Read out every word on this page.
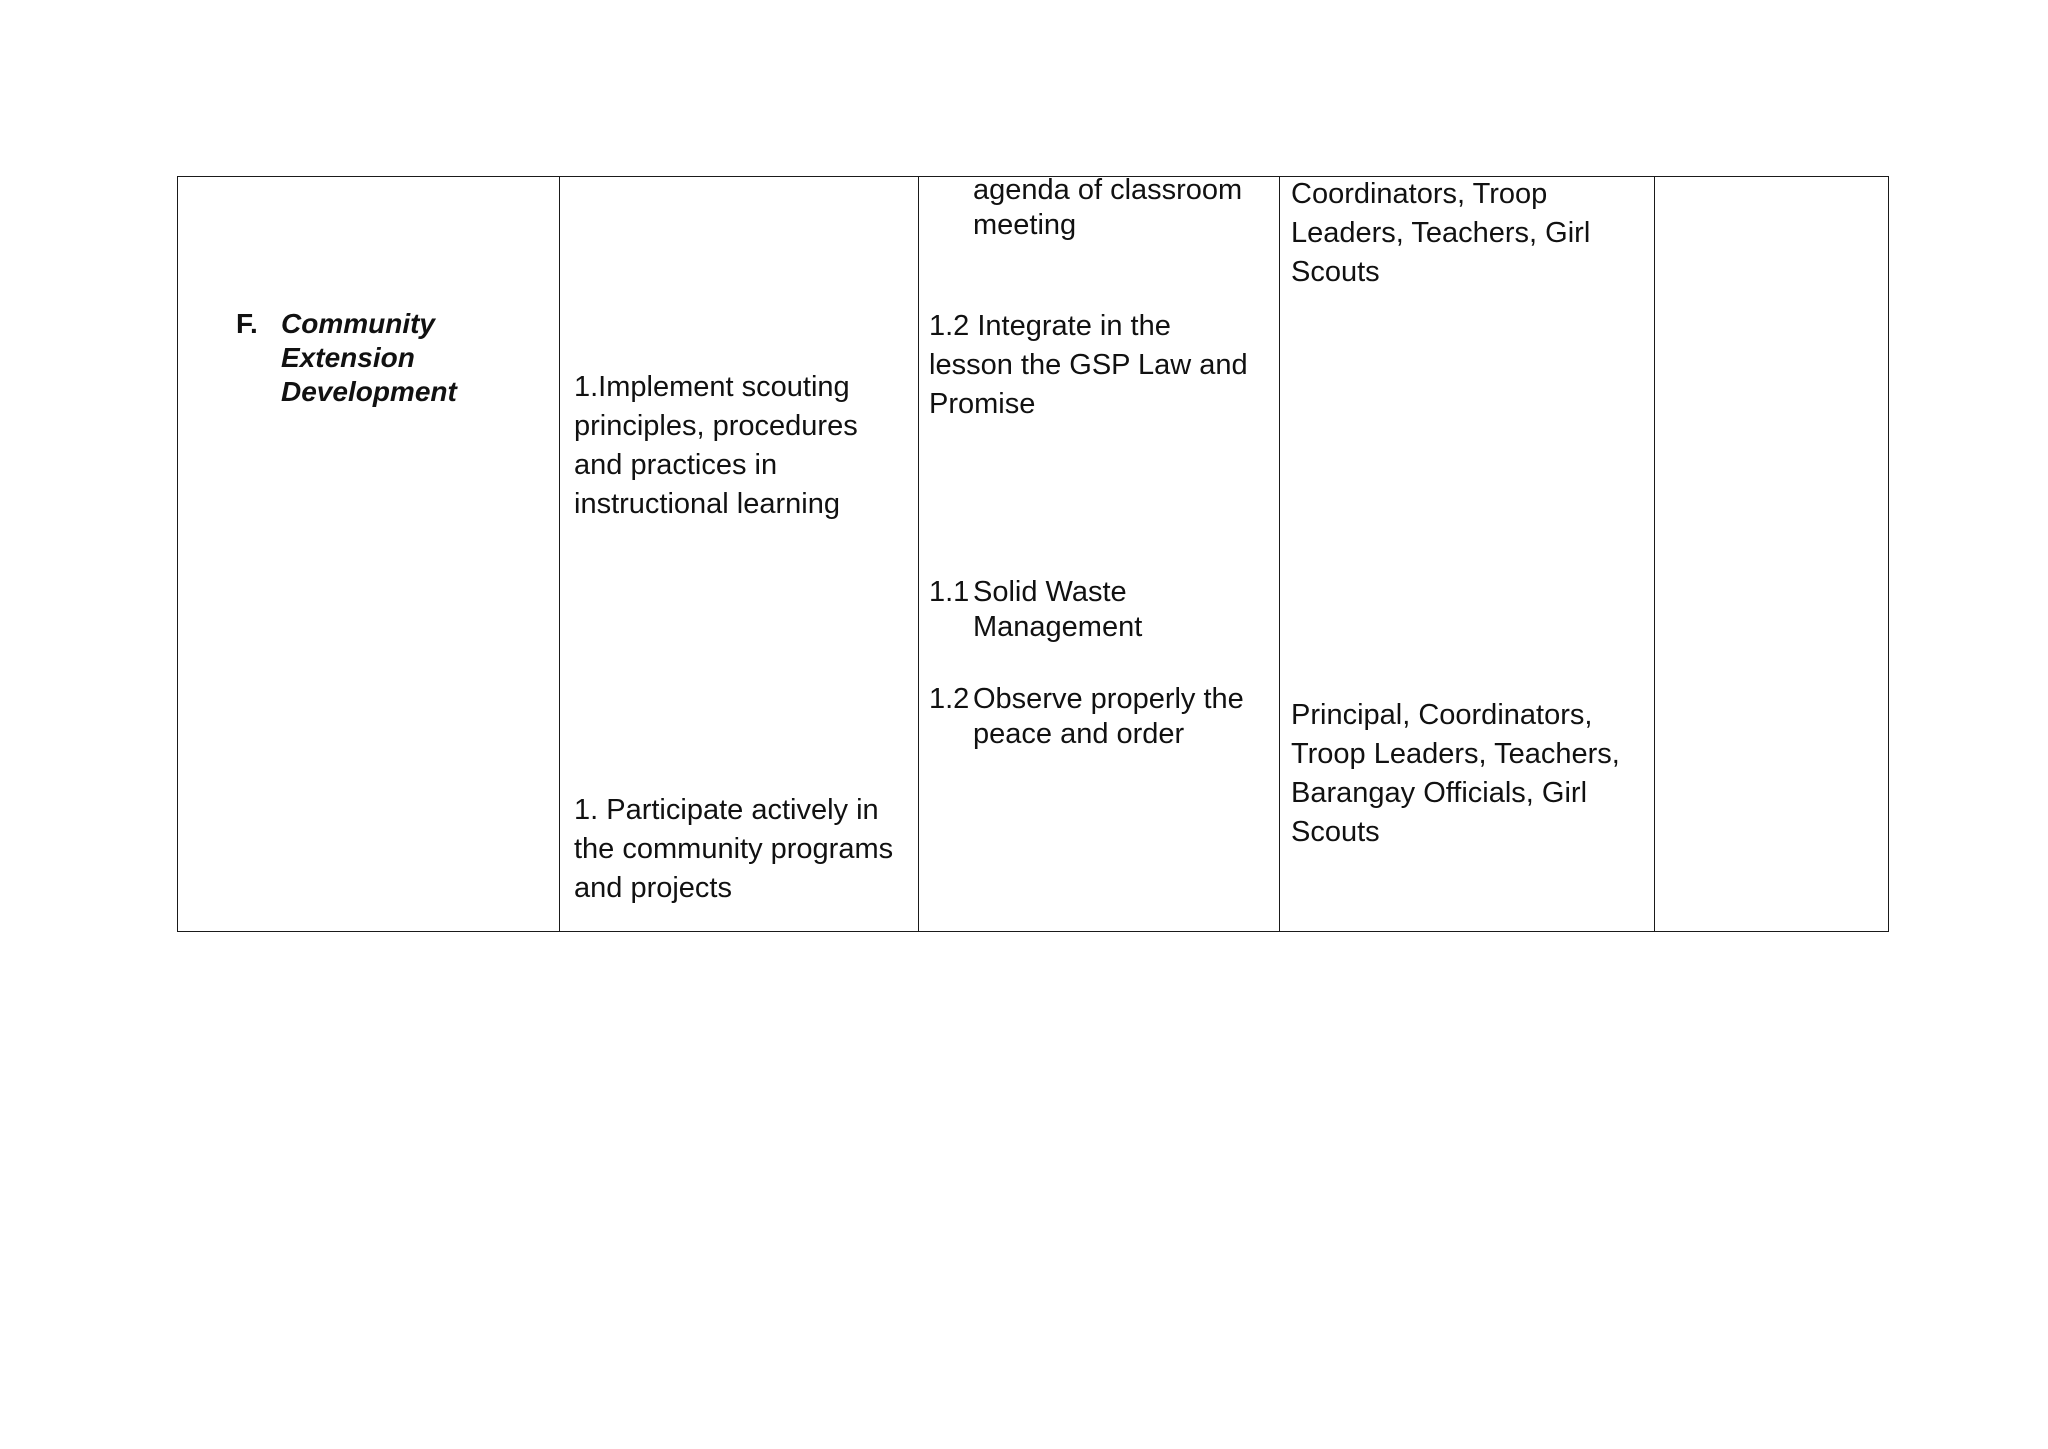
F. Community
Extension
Development	1.Implement scouting
principles, procedures
and practices in
instructional learning
1. Participate actively in
the community programs
and projects
agenda of classroom
meeting
1.2 Integrate in the
lesson the GSP Law and
Promise
1.1 Solid Waste
Management
1.2 Observe properly the
peace and order
Coordinators, Troop
Leaders, Teachers, Girl
Scouts
Principal, Coordinators,
Troop Leaders, Teachers,
Barangay Officials, Girl
Scouts
